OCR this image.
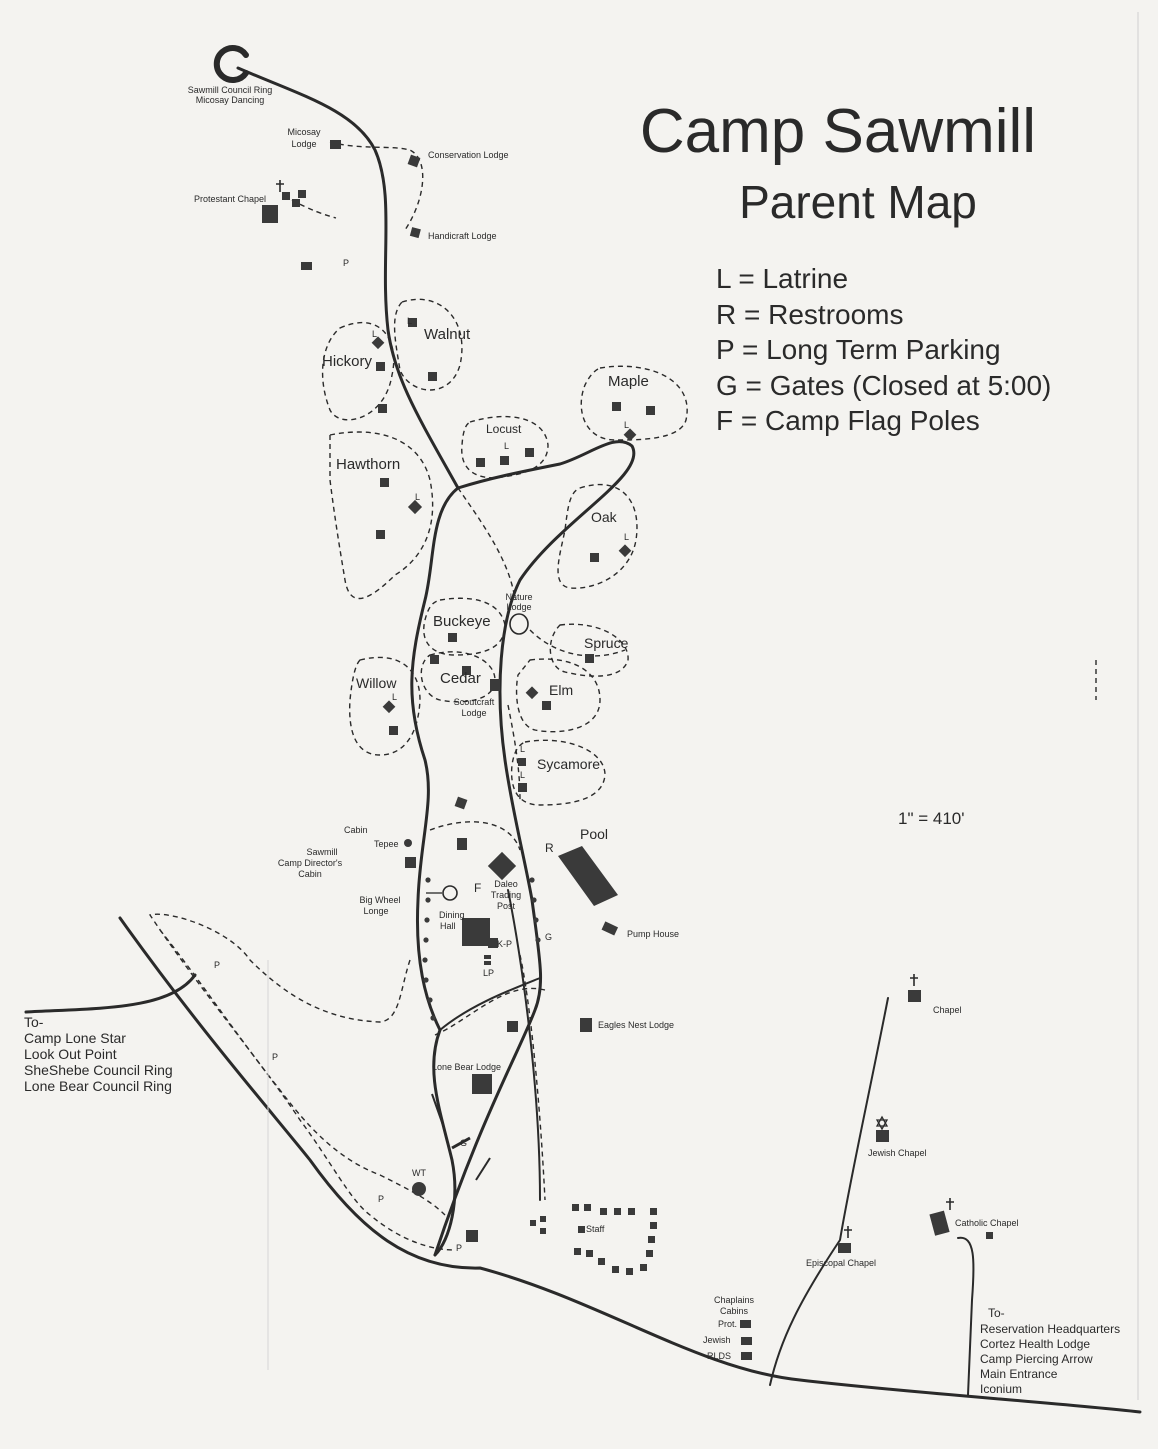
Camp Sawmill
Parent Map
L = Latrine
R = Restrooms
P = Long Term Parking
G = Gates (Closed at 5:00)
F = Camp Flag Poles
1" = 410'
Walnut
Hickory
Maple
Locust
Hawthorn
Oak
Buckeye
Spruce
Willow	Cedar
Elm
Sycamore
L
L
L
L
L
L
L
L
L
R
F
G
G
P
P
P
P
P
Sawmill Council Ring
Micosay Dancing
Micosay
Lodge
Conservation Lodge
Protestant Chapel
Handicraft Lodge
Nature
Lodge
Scoutcraft
Lodge
Cabin
Tepee
Sawmill
Camp Director's
Cabin
Big Wheel
Longe	Dining
Hall
Daleo
Trading
Post
Pool
Pump House
K-P
LP
Eagles Nest Lodge
Lone Bear Lodge
WT
Staff
Chapel
Jewish Chapel
Catholic Chapel
Episcopal Chapel
Chaplains
Cabins
Prot.
Jewish
RLDS
To-
Camp Lone Star
Look Out Point
SheShebe Council Ring
Lone Bear Council Ring
To-
Reservation Headquarters
Cortez Health Lodge
Camp Piercing Arrow
Main Entrance
Iconium
